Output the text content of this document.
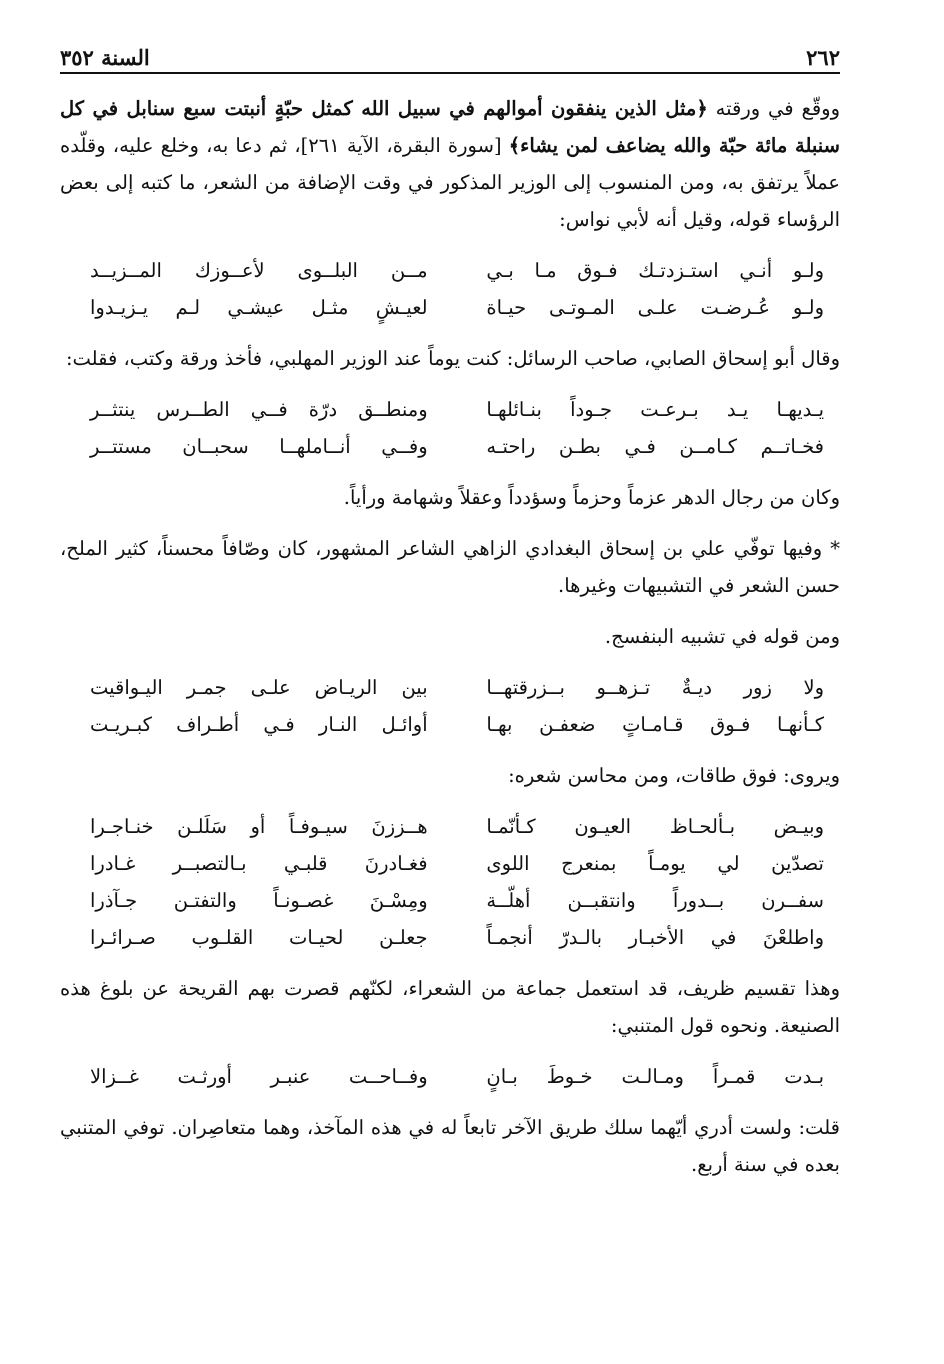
٢٦٢
السنة ٣٥٢

ووقّع في ورقته ﴿مثل الذين ينفقون أموالهم في سبيل الله كمثل حبّةٍ أنبتت سبع سنابل في كل سنبلة مائة حبّة والله يضاعف لمن يشاء﴾ [سورة البقرة، الآية ٢٦١]، ثم دعا به، وخلع عليه، وقلّده عملاً يرتفق به، ومن المنسوب إلى الوزير المذكور في وقت الإضافة من الشعر، ما كتبه إلى بعض الرؤساء قوله، وقيل أنه لأبي نواس:

ولـو أنـي استـزدتـك فـوق مـا بـي
مــن البلــوى لأعــوزك المــزيــد
ولـو عُـرضـت علـى المـوتـى حيـاة
لعيـشٍ مثـل عيشـي لـم يـزيـدوا

وقال أبو إسحاق الصابي، صاحب الرسائل: كنت يوماً عند الوزير المهلبي، فأخذ ورقة وكتب، فقلت:

يـديهـا يـد بـرعـت جـوداً بنـائلهـا
ومنطــق درّة فــي الطــرس ينتثــر
فخـاتــم كـامــن فـي بطـن راحتـه
وفــي أنــاملهــا سحبــان مستتــر

وكان من رجال الدهر عزماً وحزماً وسؤدداً وعقلاً وشهامة ورأياً.

* وفيها توفّي علي بن إسحاق البغدادي الزاهي الشاعر المشهور، كان وصّافاً محسناً، كثير الملح، حسن الشعر في التشبيهات وغيرها.

ومن قوله في تشبيه البنفسج.

ولا زور ديـةٌ تـزهــو بــزرقتهــا
بين الريـاض علـى جمـر اليـواقيت
كـأنهـا فـوق قـامـاتٍ ضعفـن بهـا
أوائـل النـار فـي أطـراف كبـريـت

ويروى: فوق طاقات، ومن محاسن شعره:

وبيـض بـألحـاظ العيـون كـأنّمـا
هــززنَ سيـوفـاً أو سَلَلـن خنـاجـرا
تصدّين لي يومـاً بمنعرج اللوى
فغـادرنَ قلبـي بـالتصبــر غـادرا
سفــرن بــدوراً وانتقبــن أهلّــة
ومِسْـنَ غصـونـاً والتفتـن جـآذرا
واطلعْنَ في الأخبـار بالـدرّ أنجمـاً
جعلـن لحيـات القلـوب صـرائـرا

وهذا تقسيم ظريف، قد استعمل جماعة من الشعراء، لكنّهم قصرت بهم القريحة عن بلوغ هذه الصنيعة. ونحوه قول المتنبي:

بـدت قمـراً ومـالـت خـوطَ بـانٍ
وفــاحــت عنبـر أورثـت غــزالا

قلت: ولست أدري أيّهما سلك طريق الآخر تابعاً له في هذه المآخذ، وهما متعاصِران. توفي المتنبي بعده في سنة أربع.
